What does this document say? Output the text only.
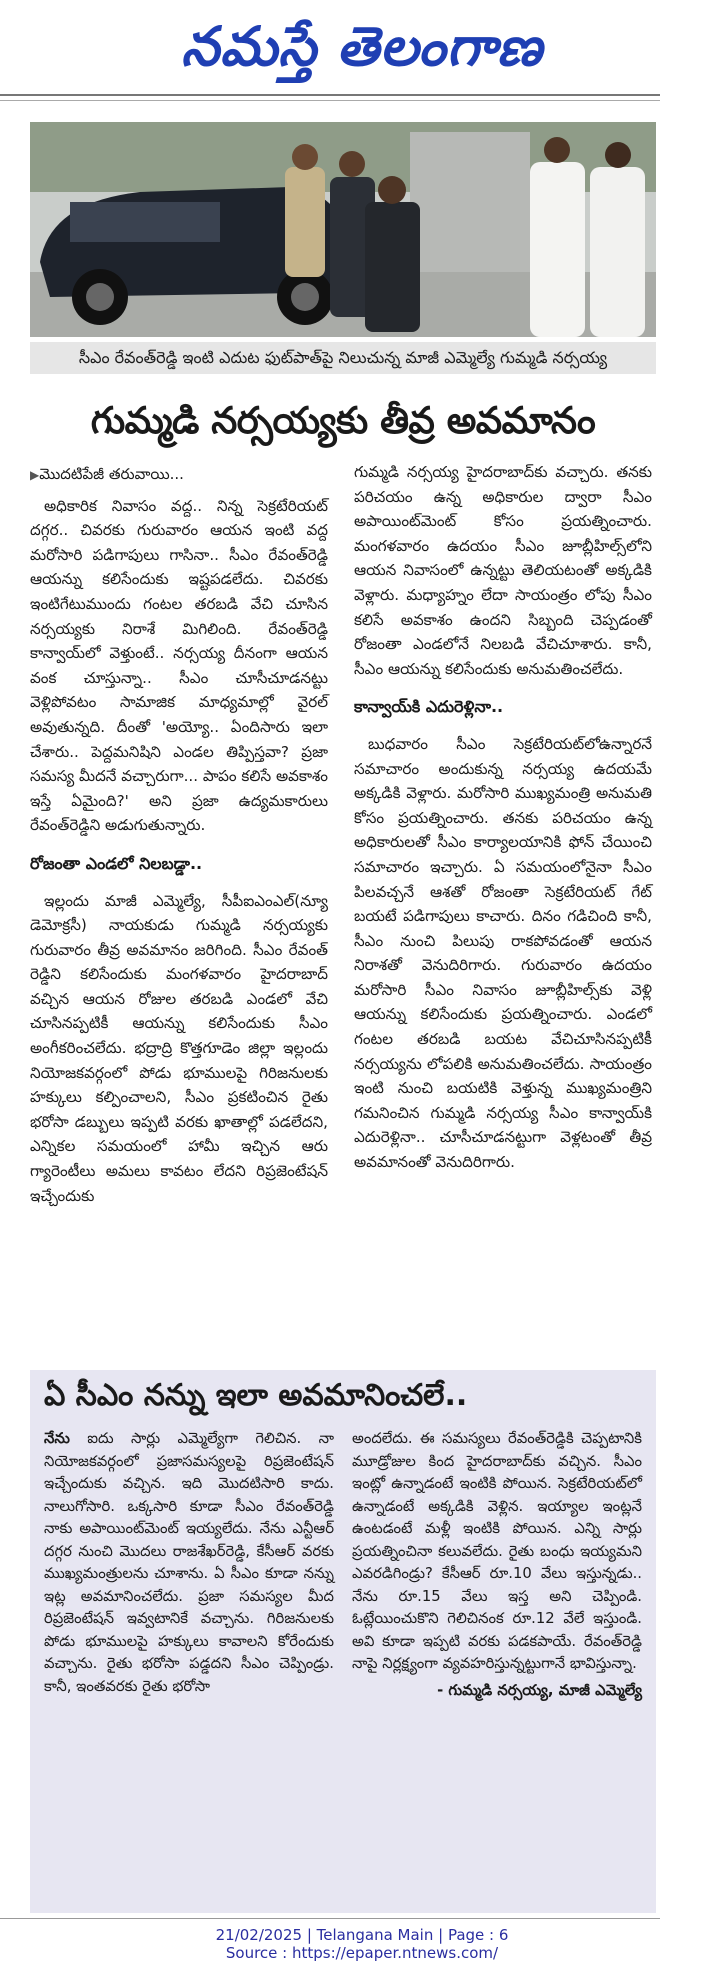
నమస్తే తెలంగాణ
సీఎం రేవంత్‌రెడ్డి ఇంటి ఎదుట ఫుట్‌పాత్‌పై నిలుచున్న మాజీ ఎమ్మెల్యే గుమ్మడి నర్సయ్య
గుమ్మడి నర్సయ్యకు తీవ్ర అవమానం
▶ మొదటిపేజీ తరువాయి...

అధికారిక నివాసం వద్ద.. నిన్న సెక్రటేరియట్ దగ్గర.. చివరకు గురువారం ఆయన ఇంటి వద్ద మరోసారి పడిగాపులు గాసినా.. సీఎం రేవంత్‌రెడ్డి ఆయన్ను కలిసేందుకు ఇష్టపడలేదు. చివరకు ఇంటిగేటుముందు గంటల తరబడి వేచి చూసిన నర్సయ్యకు నిరాశే మిగిలింది. రేవంత్‌రెడ్డి కాన్వాయ్‌లో వెళ్తుంటే.. నర్సయ్య దీనంగా ఆయన వంక చూస్తున్నా.. సీఎం చూసీచూడనట్టు వెళ్లిపోవటం సామాజిక మాధ్యమాల్లో వైరల్ అవుతున్నది. దీంతో 'అయ్యో.. ఏందిసారు ఇలా చేశారు.. పెద్దమనిషిని ఎండల తిప్పిస్తవా? ప్రజా సమస్య మీదనే వచ్చారుగా... పాపం కలిసే అవకాశం ఇస్తే ఏమైంది?' అని ప్రజా ఉద్యమకారులు రేవంత్‌రెడ్డిని అడుగుతున్నారు.

రోజంతా ఎండలో నిలబడ్డా..

ఇల్లందు మాజీ ఎమ్మెల్యే, సీపీఐఎంఎల్(న్యూ డెమోక్రసీ) నాయకుడు గుమ్మడి నర్సయ్యకు గురువారం తీవ్ర అవమానం జరిగింది. సీఎం రేవంత్ రెడ్డిని కలిసేందుకు మంగళవారం హైదరాబాద్ వచ్చిన ఆయన రోజుల తరబడి ఎండలో వేచి చూసినప్పటికీ ఆయన్ను కలిసేందుకు సీఎం అంగీకరించలేదు. భద్రాద్రి కొత్తగూడెం జిల్లా ఇల్లందు నియోజకవర్గంలో పోడు భూములపై గిరిజనులకు హక్కులు కల్పించాలని, సీఎం ప్రకటించిన రైతు భరోసా డబ్బులు ఇప్పటి వరకు ఖాతాల్లో పడలేదని, ఎన్నికల సమయంలో హామీ ఇచ్చిన ఆరు గ్యారెంటీలు అమలు కావటం లేదని రిప్రజెంటేషన్ ఇచ్చేందుకు

గుమ్మడి నర్సయ్య హైదరాబాద్‌కు వచ్చారు. తనకు పరిచయం ఉన్న అధికారుల ద్వారా సీఎం అపాయింట్‌మెంట్ కోసం ప్రయత్నించారు. మంగళవారం ఉదయం సీఎం జూబ్లీహిల్స్‌లోని ఆయన నివాసంలో ఉన్నట్టు తెలియటంతో అక్కడికి వెళ్లారు. మధ్యాహ్నం లేదా సాయంత్రం లోపు సీఎం కలిసే అవకాశం ఉందని సిబ్బంది చెప్పడంతో రోజంతా ఎండలోనే నిలబడి వేచిచూశారు. కానీ, సీఎం ఆయన్ను కలిసేందుకు అనుమతించలేదు.

కాన్వాయ్‌కి ఎదురెళ్లినా..

బుధవారం సీఎం సెక్రటేరియట్‌లోఉన్నారనే సమాచారం అందుకున్న నర్సయ్య ఉదయమే అక్కడికి వెళ్లారు. మరోసారి ముఖ్యమంత్రి అనుమతి కోసం ప్రయత్నించారు. తనకు పరిచయం ఉన్న అధికారులతో సీఎం కార్యాలయానికి ఫోన్ చేయించి సమాచారం ఇచ్చారు. ఏ సమయంలోనైనా సీఎం పిలవచ్చనే ఆశతో రోజంతా సెక్రటేరియట్ గేట్ బయటే పడిగాపులు కాచారు. దినం గడిచింది కానీ, సీఎం నుంచి పిలుపు రాకపోవడంతో ఆయన నిరాశతో వెనుదిరిగారు. గురువారం ఉదయం మరోసారి సీఎం నివాసం జూబ్లీహిల్స్‌కు వెళ్లి ఆయన్ను కలిసేందుకు ప్రయత్నించారు. ఎండలో గంటల తరబడి బయట వేచిచూసినప్పటికీ నర్సయ్యను లోపలికి అనుమతించలేదు. సాయంత్రం ఇంటి నుంచి బయటికి వెళ్తున్న ముఖ్యమంత్రిని గమనించిన గుమ్మడి నర్సయ్య సీఎం కాన్వాయ్‌కి ఎదురెళ్లినా.. చూసీచూడనట్టుగా వెళ్లటంతో తీవ్ర అవమానంతో వెనుదిరిగారు.

ఏ సీఎం నన్ను ఇలా అవమానించలే..

నేను ఐదు సార్లు ఎమ్మెల్యేగా గెలిచిన. నా నియోజకవర్గంలో ప్రజాసమస్యలపై రిప్రజెంటేషన్ ఇచ్చేందుకు వచ్చిన. ఇది మొదటిసారి కాదు. నాలుగోసారి. ఒక్కసారి కూడా సీఎం రేవంత్‌రెడ్డి నాకు అపాయింట్‌మెంట్ ఇయ్యలేదు. నేను ఎన్టీఆర్ దగ్గర నుంచి మొదలు రాజశేఖర్‌రెడ్డి, కేసీఆర్ వరకు ముఖ్యమంత్రులను చూశాను. ఏ సీఎం కూడా నన్ను ఇట్ల అవమానించలేదు. ప్రజా సమస్యల మీద రిప్రజెంటేషన్ ఇవ్వటానికే వచ్చాను. గిరిజనులకు పోడు భూములపై హక్కులు కావాలని కోరేందుకు వచ్చాను. రైతు భరోసా పడ్డదని సీఎం చెప్పిండ్రు. కానీ, ఇంతవరకు రైతు భరోసా

అందలేదు. ఈ సమస్యలు రేవంత్‌రెడ్డికి చెప్పటానికి మూడ్రోజుల కింద హైదరాబాద్‌కు వచ్చిన. సీఎం ఇంట్లో ఉన్నాడంటే ఇంటికి పోయిన. సెక్రటేరియట్‌లో ఉన్నాడంటే అక్కడికి వెళ్లిన. ఇయ్యాల ఇంట్లనే ఉంటడంటే మళ్లీ ఇంటికి పోయిన. ఎన్ని సార్లు ప్రయత్నించినా కలువలేదు. రైతు బంధు ఇయ్యమని ఎవరడిగిండ్రు? కేసీఆర్ రూ.10 వేలు ఇస్తున్నడు.. నేను రూ.15 వేలు ఇస్త అని చెప్పిండి. ఓట్లేయించుకొని గెలిచినంక రూ.12 వేలే ఇస్తుండి. అవి కూడా ఇప్పటి వరకు పడకపాయే. రేవంత్‌రెడ్డి నాపై నిర్లక్ష్యంగా వ్యవహరిస్తున్నట్టుగానే భావిస్తున్నా.

- గుమ్మడి నర్సయ్య, మాజీ ఎమ్మెల్యే
21/02/2025 | Telangana Main | Page : 6
Source : https://epaper.ntnews.com/
